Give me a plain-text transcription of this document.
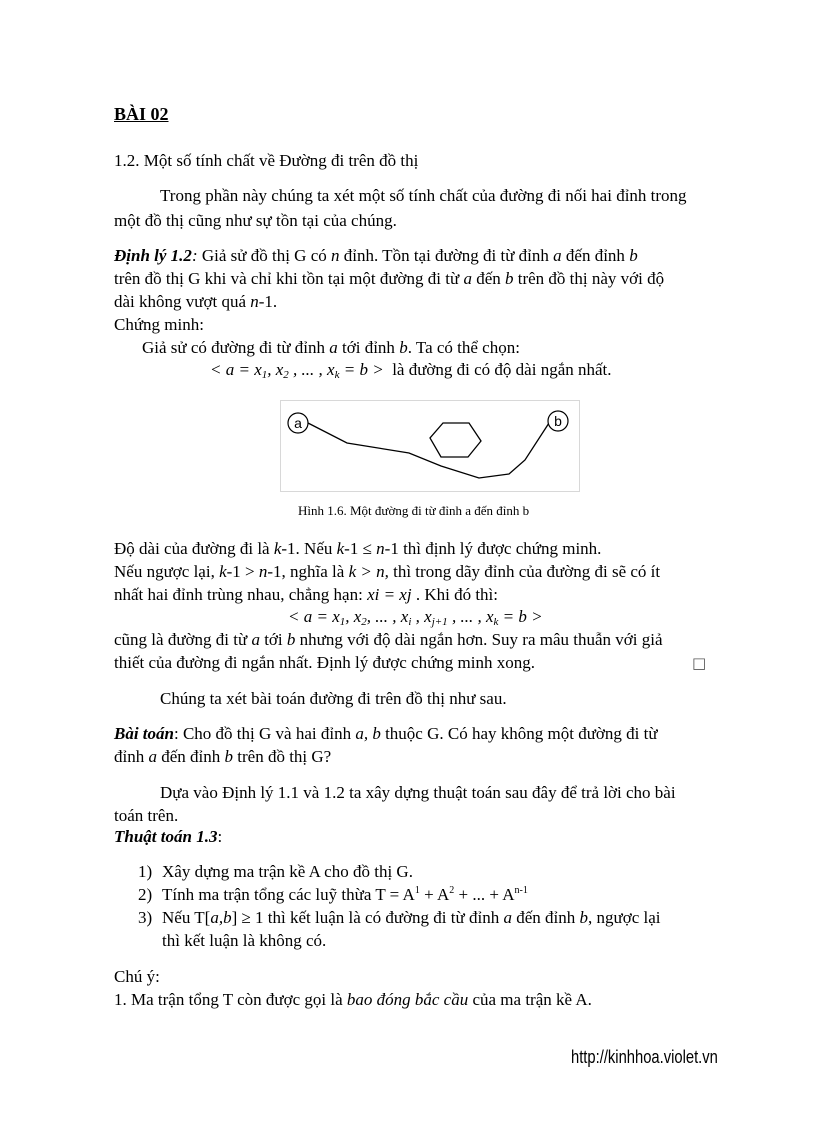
BÀI 02
1.2. Một số tính chất về Đường đi trên đồ thị
Trong phần này chúng ta xét một số tính chất của đường đi nối hai đỉnh trong
một đồ thị cũng như sự tồn tại của chúng.
Định lý 1.2: Giả sử đồ thị G có n đỉnh. Tồn tại đường đi từ đỉnh a đến đỉnh b
trên đồ thị G khi và chỉ khi tồn tại một đường đi từ a đến b trên đồ thị này với độ
dài không vượt quá n-1.
Chứng minh:
Giả sử có đường đi từ đỉnh a tới đỉnh b. Ta có thể chọn:
< $a = x_1$, $x_2$ , ... , $x_k = b$ > là đường đi có độ dài ngắn nhất.
a	b
Hình 1.6. Một đường đi từ đỉnh a đến đỉnh b
Độ dài của đường đi là k-1. Nếu k-1 ≤ n-1 thì định lý được chứng minh.
Nếu ngược lại, k-1 > n-1, nghĩa là k > n, thì trong dãy đỉnh của đường đi sẽ có ít
nhất hai đỉnh trùng nhau, chẳng hạn: xi = xj . Khi đó thì:
< $a = x_1$, $x_2$, ... , $x_i$ , $x_{j+1}$ , ... , $x_k = b$ >
cũng là đường đi từ a tới b nhưng với độ dài ngắn hơn. Suy ra mâu thuẫn với giả
thiết của đường đi ngắn nhất. Định lý được chứng minh xong.	□
Chúng ta xét bài toán đường đi trên đồ thị như sau.
Bài toán: Cho đồ thị G và hai đỉnh a, b thuộc G. Có hay không một đường đi từ
đỉnh a đến đỉnh b trên đồ thị G?
Dựa vào Định lý 1.1 và 1.2 ta xây dựng thuật toán sau đây để trả lời cho bài
toán trên.
Thuật toán 1.3:
1) Xây dựng ma trận kề A cho đồ thị G.
2) Tính ma trận tổng các luỹ thừa $T = A^1 + A^2$ + ... + $A^{n-1}$
3) Nếu T[a,b] ≥ 1 thì kết luận là có đường đi từ đỉnh a đến đỉnh b, ngược lại
thì kết luận là không có.
Chú ý:
1. Ma trận tổng T còn được gọi là bao đóng bắc cầu của ma trận kề A.
http://kinhhoa.violet.vn
